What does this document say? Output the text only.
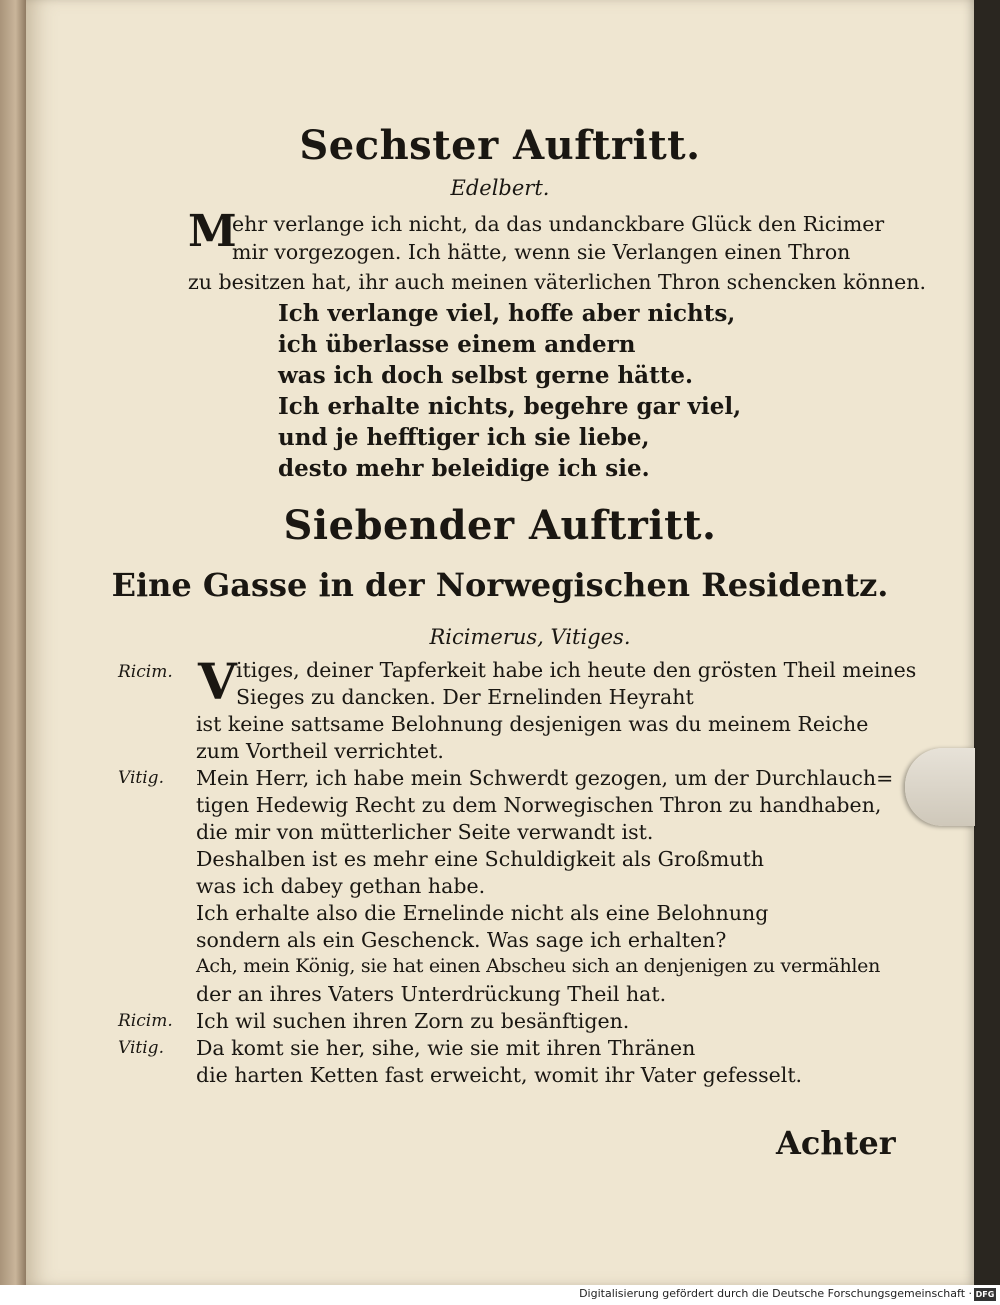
Sechster Auftritt.
Edelbert.
M
ehr verlange ich nicht, da das undanckbare Glück den Ricimer
mir vorgezogen. Ich hätte, wenn sie Verlangen einen Thron
zu besitzen hat, ihr auch meinen väterlichen Thron schencken können.
Ich verlange viel, hoffe aber nichts,
ich überlasse einem andern
was ich doch selbst gerne hätte.
Ich erhalte nichts, begehre gar viel,
und je hefftiger ich sie liebe,
desto mehr beleidige ich sie.
Siebender Auftritt.
Eine Gasse in der Norwegischen Residentz.
Ricimerus, Vitiges.
Ricim. V itiges, deiner Tapferkeit habe ich heute den grösten Theil meines
Sieges zu dancken. Der Ernelinden Heyraht
ist keine sattsame Belohnung desjenigen was du meinem Reiche
zum Vortheil verrichtet.
Vitig. Mein Herr, ich habe mein Schwerdt gezogen, um der Durchlauch=
tigen Hedewig Recht zu dem Norwegischen Thron zu handhaben,
die mir von mütterlicher Seite verwandt ist.
Deshalben ist es mehr eine Schuldigkeit als Großmuth
was ich dabey gethan habe.
Ich erhalte also die Ernelinde nicht als eine Belohnung
sondern als ein Geschenck. Was sage ich erhalten?
Ach, mein König, sie hat einen Abscheu sich an denjenigen zu vermählen
der an ihres Vaters Unterdrückung Theil hat.
Ricim. Ich wil suchen ihren Zorn zu besänftigen.
Vitig. Da komt sie her, sihe, wie sie mit ihren Thränen
die harten Ketten fast erweicht, womit ihr Vater gefesselt.
Achter
Digitalisierung gefördert durch die Deutsche Forschungsgemeinschaft · DFG
